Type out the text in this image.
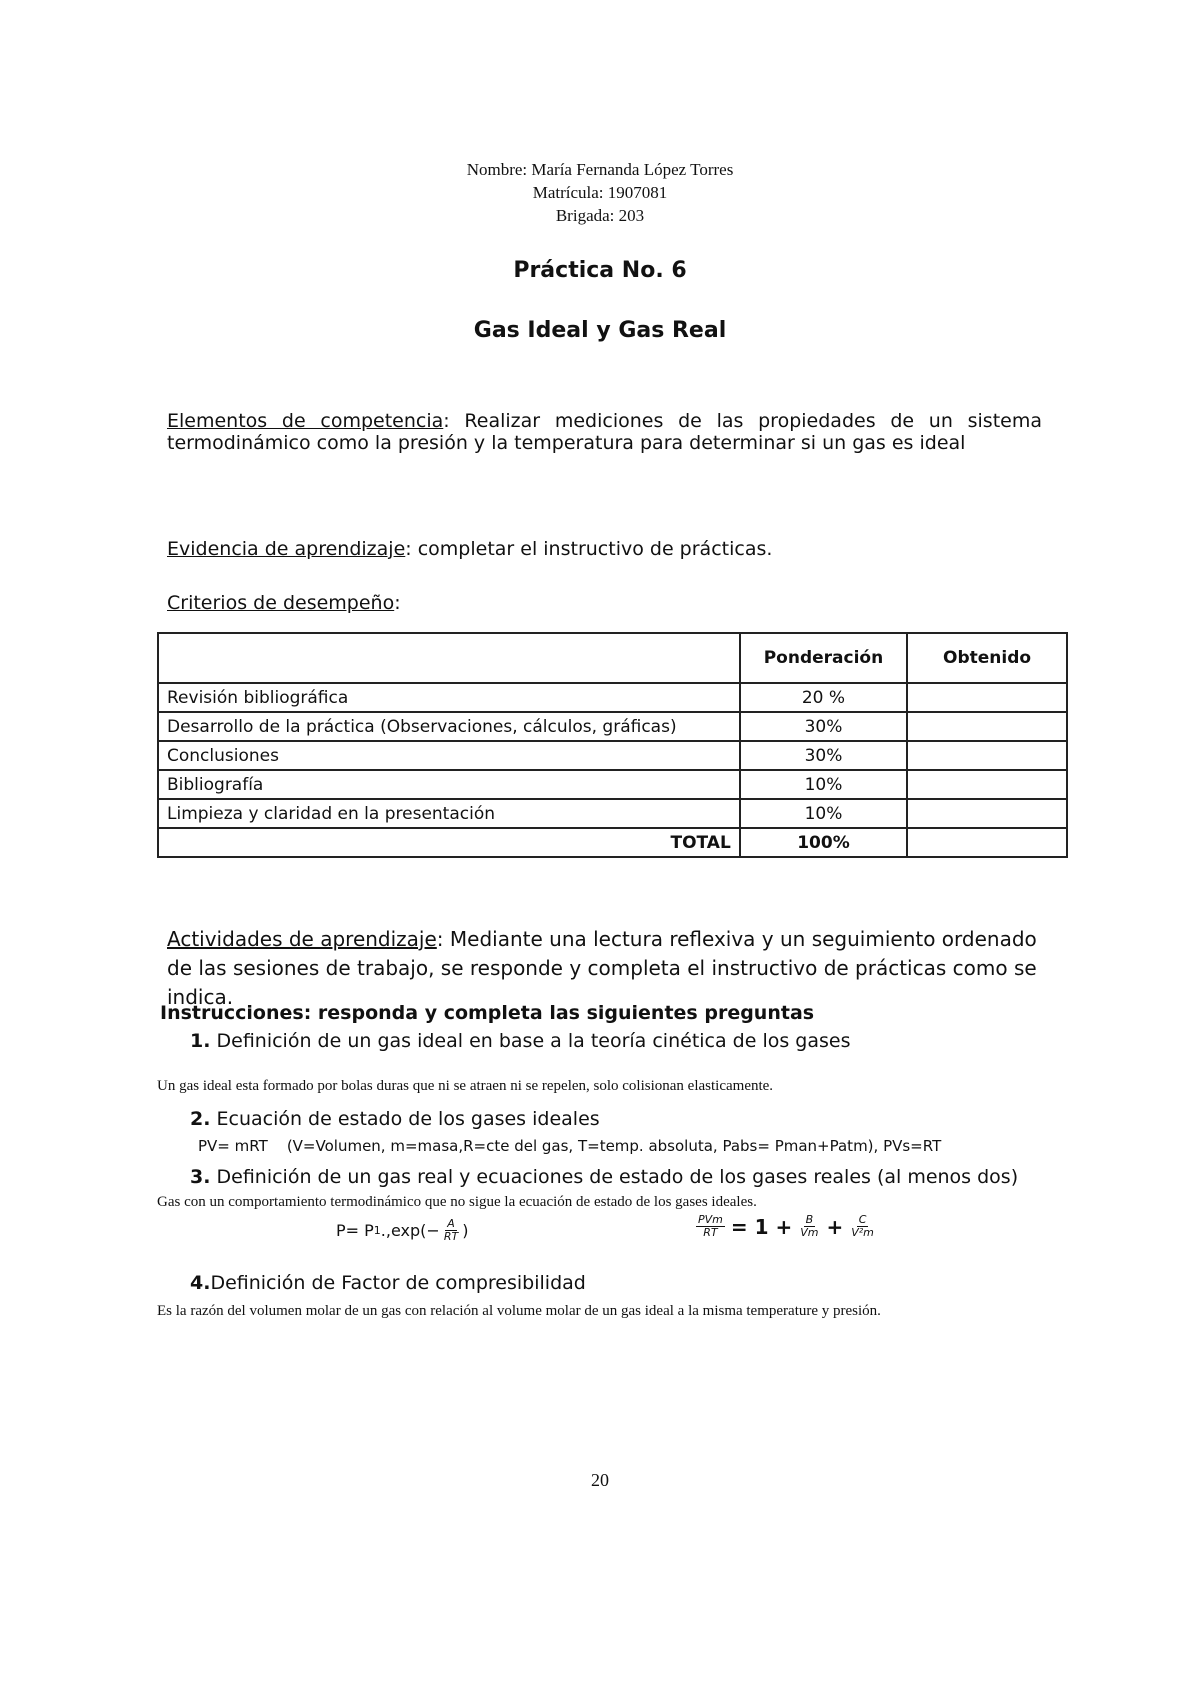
Nombre: María Fernanda López Torres
Matrícula: 1907081
Brigada: 203
Práctica No. 6
Gas Ideal y Gas Real
Elementos de competencia: Realizar mediciones de las propiedades de un sistema termodinámico como la presión y la temperatura para determinar si un gas es ideal
Evidencia de aprendizaje: completar el instructivo de prácticas.
Criterios de desempeño:
	Ponderación	Obtenido
Revisión bibliográfica	20 %	
Desarrollo de la práctica (Observaciones, cálculos, gráficas)	30%	
Conclusiones	30%	
Bibliografía	10%	
Limpieza y claridad en la presentación	10%	
TOTAL	100%	
Actividades de aprendizaje: Mediante una lectura reflexiva y un seguimiento ordenado de las sesiones de trabajo, se responde y completa el instructivo de prácticas como se indica.
Instrucciones: responda y completa las siguientes preguntas
1. Definición de un gas ideal en base a la teoría cinética de los gases
Un gas ideal esta formado por bolas duras que ni se atraen ni se repelen, solo colisionan elasticamente.
2. Ecuación de estado de los gases ideales
PV= mRT    (V=Volumen, m=masa,R=cte del gas, T=temp. absoluta, Pabs= Pman+Patm), PVs=RT
3. Definición de un gas real y ecuaciones de estado de los gases reales (al menos dos)
Gas con un comportamiento termodinámico que no sigue la ecuación de estado de los gases ideales.
P= P 1 $.,\exp(- \frac{A}{RT}$ )	$\frac{\text{PVm}}{RT} = 1 + \frac{B}{Vm} + \frac{C}{\text{V²m}}$
4.Definición de Factor de compresibilidad
Es la razón del volumen molar de un gas con relación al volume molar de un gas ideal a la misma temperature y presión.
20
